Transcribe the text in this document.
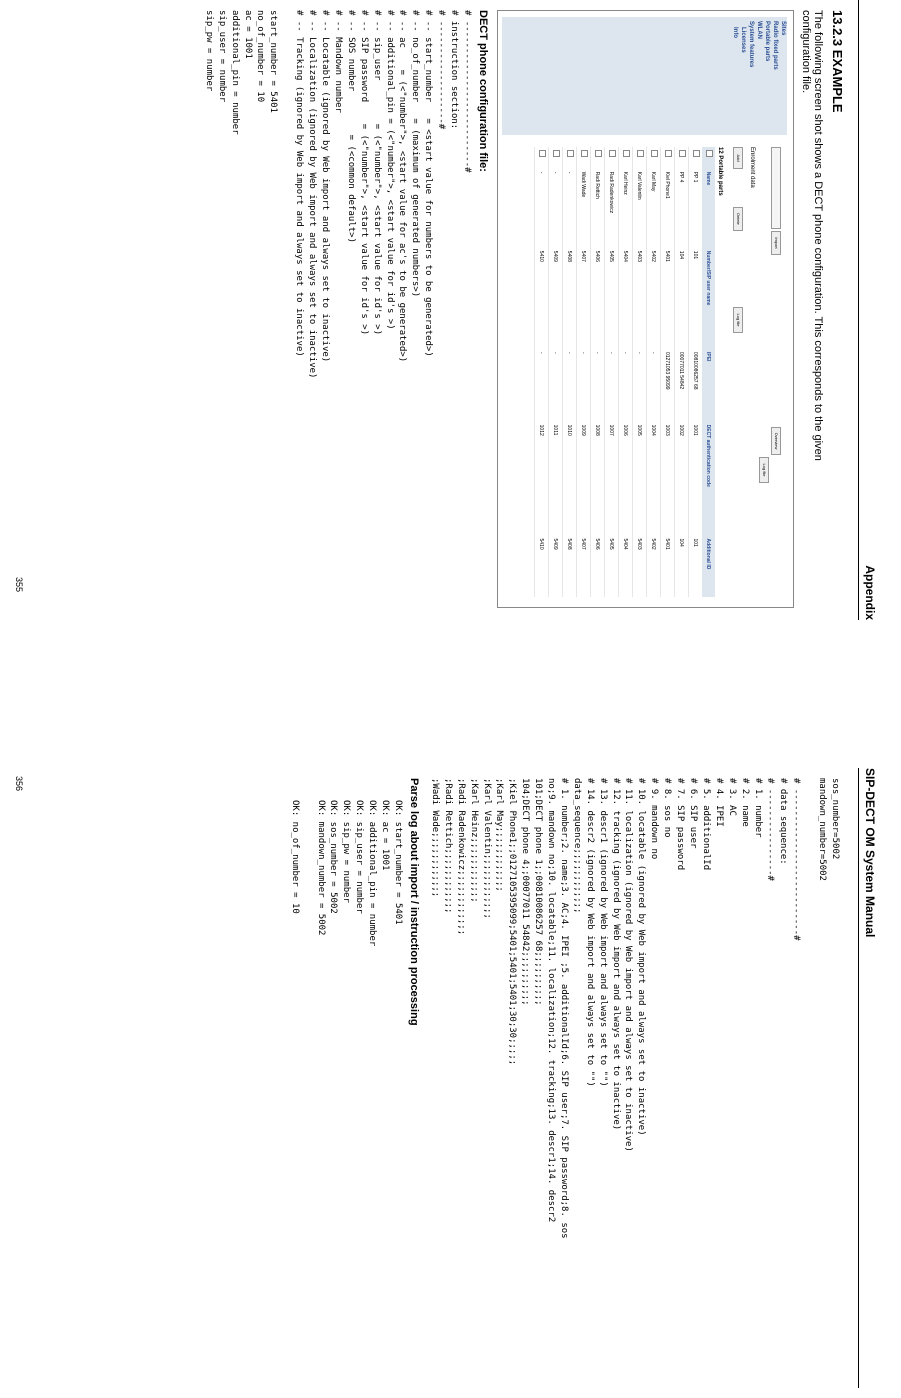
Appendix
13.2.3 EXAMPLE

The following screen shot shows a DECT phone configuration. This corresponds to the given configuration file.

Sites
Radio fixed parts
Portable parts
WLAN
System features
Licenses
Info
Import
Overview
Log file
Enrolment data
Add
Delete
Log file
12 Portable parts
	Name	Number/SIP user name	IPEI	DECT authentication code	Additional ID
	PP 1	101	00810086257 68	1001	101
	PP 4	104	00077011 54842	1002	104
	Kiel Phone1	5401	01271053 95099	1003	5401
	Karl May	5402	-	1004	5402
	Karl Valentin	5403	-	1005	5403
	Karl Heinz	5404	-	1006	5404
	Radi Radenkowicz	5405	-	1007	5405
	Radi Rettich	5406	-	1008	5406
	Wadi Wade	5407	-	1009	5407
	-	5408	-	1010	5408
	-	5409	-	1011	5409
	-	5410	-	1012	5410
DECT phone configuration file:
# ---------------------------#
# instruction section:
# -------------------#
# -- start_number   = <start value for numbers to be generated>)
# -- no_of_number   = (maximum of generated numbers>)
# -- ac    = (<"number">, <start value for ac's to be generated>)
# -- additional_pin = (<"number">, <start value for id's >)
# -- sip_user        = (<"number">, <start value for id's >)
# -- SIP password    = (<"number">, <start value for id's >)
# -- SOS number        = (<common default>)
# -- Mandown number
# -- Locatable (ignored by Web import and always set to inactive)
# -- Localization (ignored by Web import and always set to inactive)
# -- Tracking (ignored by Web import and always set to inactive)

start_number = 5401
no_of_number = 10
ac = 1001
additional_pin = number
sip_user = number
sip_pw = number
355
SIP-DECT OM System Manual
sos_number=5002
mandown_number=5002

# ---------------------------#
# data sequence:
# ----------------#
# 1. number
# 2. name
# 3. AC
# 4. IPEI
# 5. additionalId
# 6. SIP user
# 7. SIP password
# 8. sos no
# 9. mandown no
# 10. locatable (ignored by Web import and always set to inactive)
# 11. localization (ignored by Web import and always set to inactive)
# 12. tracking (ignored by Web import and always set to inactive)
# 13. descr1 (ignored by Web import and always set to "")
# 14. descr2 (ignored by Web import and always set to "")
data_sequence;;;;;;;;;;;;
# 1. number;2. name;3. AC;4. IPEI ;5. additionalId;6. SIP user;7. SIP password;8. sos
no;9. mandown no;10. locatable;11. localization;12. tracking;13. descr1;14. descr2
101;DECT phone 1;;00810086257 68;;;;;;;;;;
104;DECT phone 4;;00077011 54842;;;;;;;;;;
;Kiel Phone1;;0127105395099;5401;5401;5401;30;30;;;;;
;Karl May;;;;;;;;;;;;
;Karl Valentin;;;;;;;;;;;;
;Karl Heinz;;;;;;;;;;;;
;Radi Radenkowicz;;;;;;;;;;;;
;Radi Rettich;;;;;;;;;;;;
;Wadi Wade;;;;;;;;;;;;
Parse log about import / instruction processing
OK: start_number = 5401
OK: ac = 1001
OK: additional_pin = number
OK: sip_user = number
OK: sip_pw = number
OK: sos_number = 5002
OK: mandown_number = 5002

OK: no_of_number = 10
356
